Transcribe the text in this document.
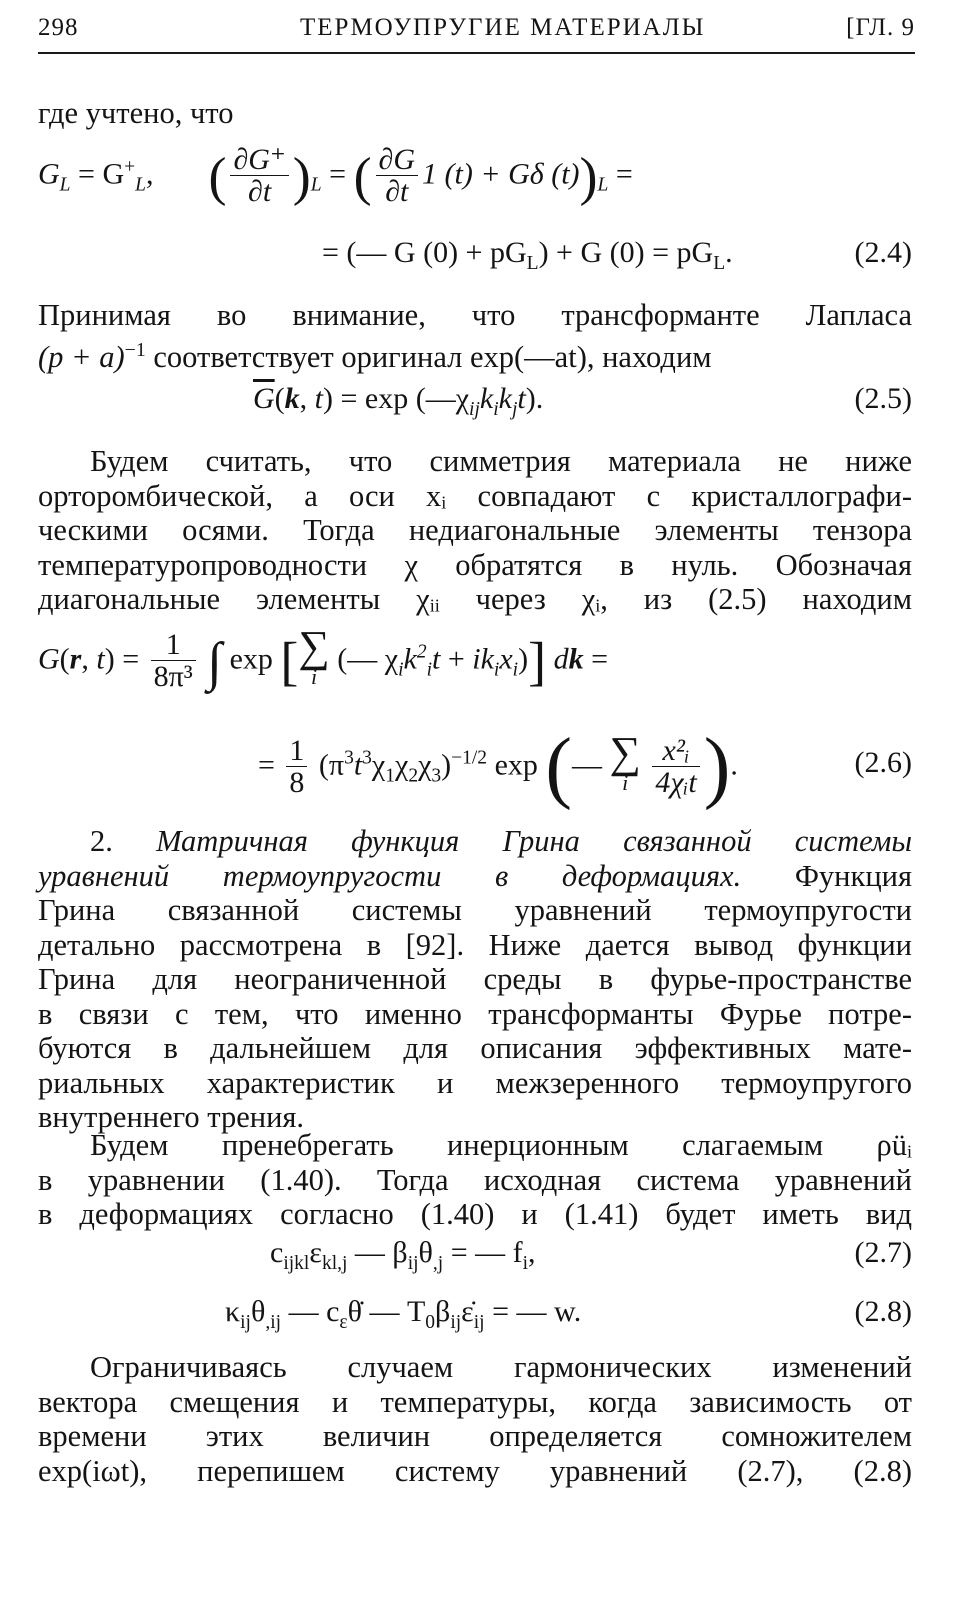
298	ТЕРМОУПРУГИЕ МАТЕРИАЛЫ	[ГЛ. 9
где учтено, что
$G_L = G^+_L$, ( $\frac{\partial G^+}{\partial t} )_L$ = ( $\frac{\partial G}{\partial t} 1$ (t) + Gδ $(t))_L$ =
= (— G $(0) + pG_L) + G$ $(0) = pG_L$.	(2.4)
Принимая во внимание, что трансформанте Лапласа
$(p + a)^{-1}$ соответствует оригинал exp(—at), находим
$\overline{G}(k$, $t) = \exp (—\chi_{ij}k_ik_jt)$.	(2.5)
Будем считать, что симметрия материала не ниже
орторомбической, а оси xᵢ совпадают с кристаллографи-
ческими осями. Тогда недиагональные элементы тензора
температуропроводности χ обратятся в нуль. Обозначая
диагональные элементы χᵢᵢ через χᵢ, из (2.5) находим
G(r, $t) = \frac{1}{\text{8π³}}$ ∫ exp [ ∑
i
(— $\chi_ik^2_it + ik_ix_i$)] dk =
= $\frac{1}{8} (\pi^3t^3\chi_1\chi_2\chi_3)^{-1/2}$ exp (— ∑
i
$\frac{\text{x²ᵢ}}{\text{4χᵢt}}$ ).	(2.6)
2. Матричная функция Грина связанной системы
уравнений термоупругости в деформациях. Функция
Грина связанной системы уравнений термоупругости
детально рассмотрена в [92]. Ниже дается вывод функции
Грина для неограниченной среды в фурье-пространстве
в связи с тем, что именно трансформанты Фурье потре-
буются в дальнейшем для описания эффективных мате-
риальных характеристик и межзеренного термоупругого
внутреннего трения.
Будем пренебрегать инерционным слагаемым ρüᵢ
в уравнении (1.40). Тогда исходная система уравнений
в деформациях согласно (1.40) и (1.41) будет иметь вид
$c_{ijkl}\varepsilon_{kl,j}$ — $\beta_{ij}\theta_{,j}$ = — $f_i$,	(2.7)
$\kappa_{ij}\theta_{,ij}$ — $c_\varepsilon\thetȧ$ — $T_0\beta_{ij}\varepsiloṅ_{ij}$ = — w.	(2.8)
Ограничиваясь случаем гармонических изменений
вектора смещения и температуры, когда зависимость от
времени этих величин определяется сомножителем
exp(iωt), перепишем систему уравнений (2.7), (2.8)
